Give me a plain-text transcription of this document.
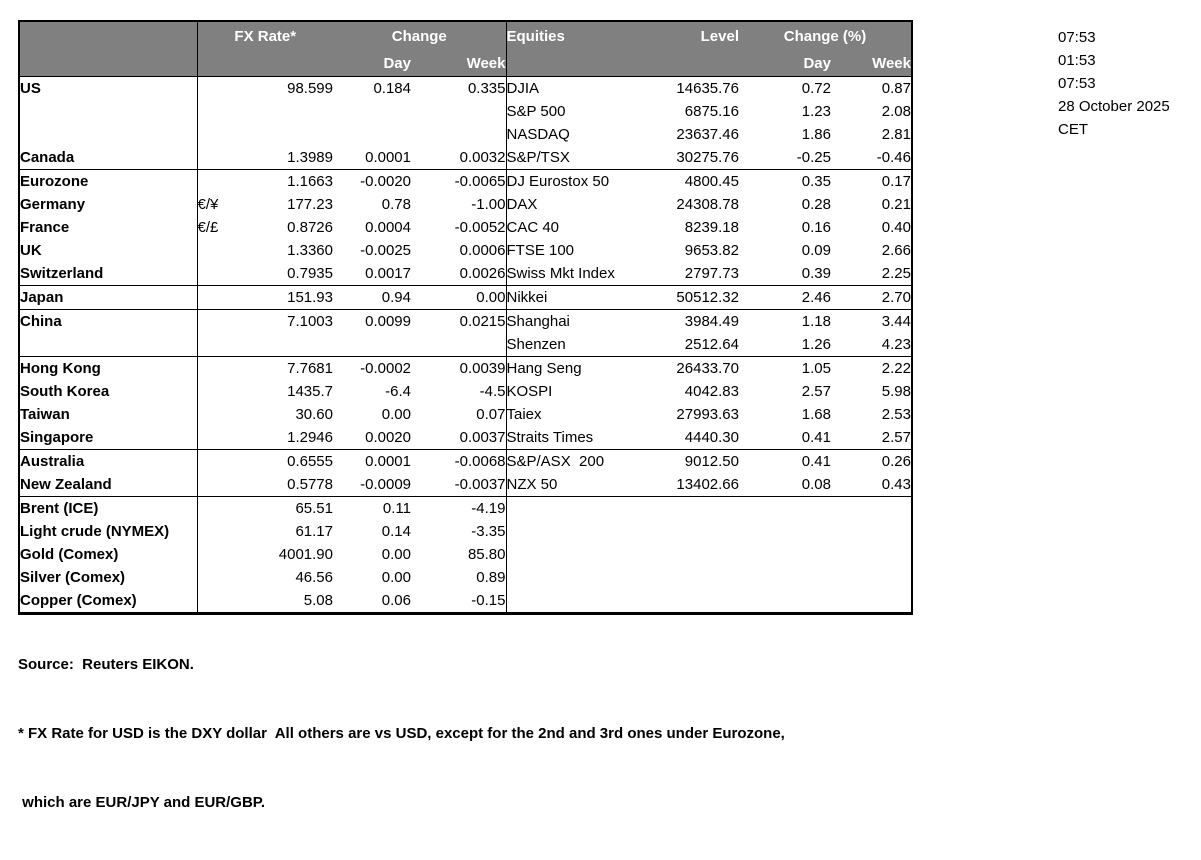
	FX Rate*		Change		Equities	Level	Change (%)	
			Day	Week			Day	Week
US		98.599	0.184	0.335	DJIA	14635.76	0.72	0.87
					S&P 500	6875.16	1.23	2.08
					NASDAQ	23637.46	1.86	2.81
Canada		1.3989	0.0001	0.0032	S&P/TSX	30275.76	-0.25	-0.46
Eurozone		1.1663	-0.0020	-0.0065	DJ Eurostox 50	4800.45	0.35	0.17
Germany	€/¥	177.23	0.78	-1.00	DAX	24308.78	0.28	0.21
France	€/£	0.8726	0.0004	-0.0052	CAC 40	8239.18	0.16	0.40
UK		1.3360	-0.0025	0.0006	FTSE 100	9653.82	0.09	2.66
Switzerland		0.7935	0.0017	0.0026	Swiss Mkt Index	2797.73	0.39	2.25
Japan		151.93	0.94	0.00	Nikkei	50512.32	2.46	2.70
China		7.1003	0.0099	0.0215	Shanghai	3984.49	1.18	3.44
					Shenzen	2512.64	1.26	4.23
Hong Kong		7.7681	-0.0002	0.0039	Hang Seng	26433.70	1.05	2.22
South Korea		1435.7	-6.4	-4.5	KOSPI	4042.83	2.57	5.98
Taiwan		30.60	0.00	0.07	Taiex	27993.63	1.68	2.53
Singapore		1.2946	0.0020	0.0037	Straits Times	4440.30	0.41	2.57
Australia		0.6555	0.0001	-0.0068	S&P/ASX  200	9012.50	0.41	0.26
New Zealand		0.5778	-0.0009	-0.0037	NZX 50	13402.66	0.08	0.43
Brent (ICE)		65.51	0.11	-4.19				
Light crude (NYMEX)		61.17	0.14	-3.35				
Gold (Comex)		4001.90	0.00	85.80				
Silver (Comex)		46.56	0.00	0.89				
Copper (Comex)		5.08	0.06	-0.15				
07:53
01:53
07:53
28 October 2025
CET

Source:  Reuters EIKON.

* FX Rate for USD is the DXY dollar  All others are vs USD, except for the 2nd and 3rd ones under Eurozone,

which are EUR/JPY and EUR/GBP.
